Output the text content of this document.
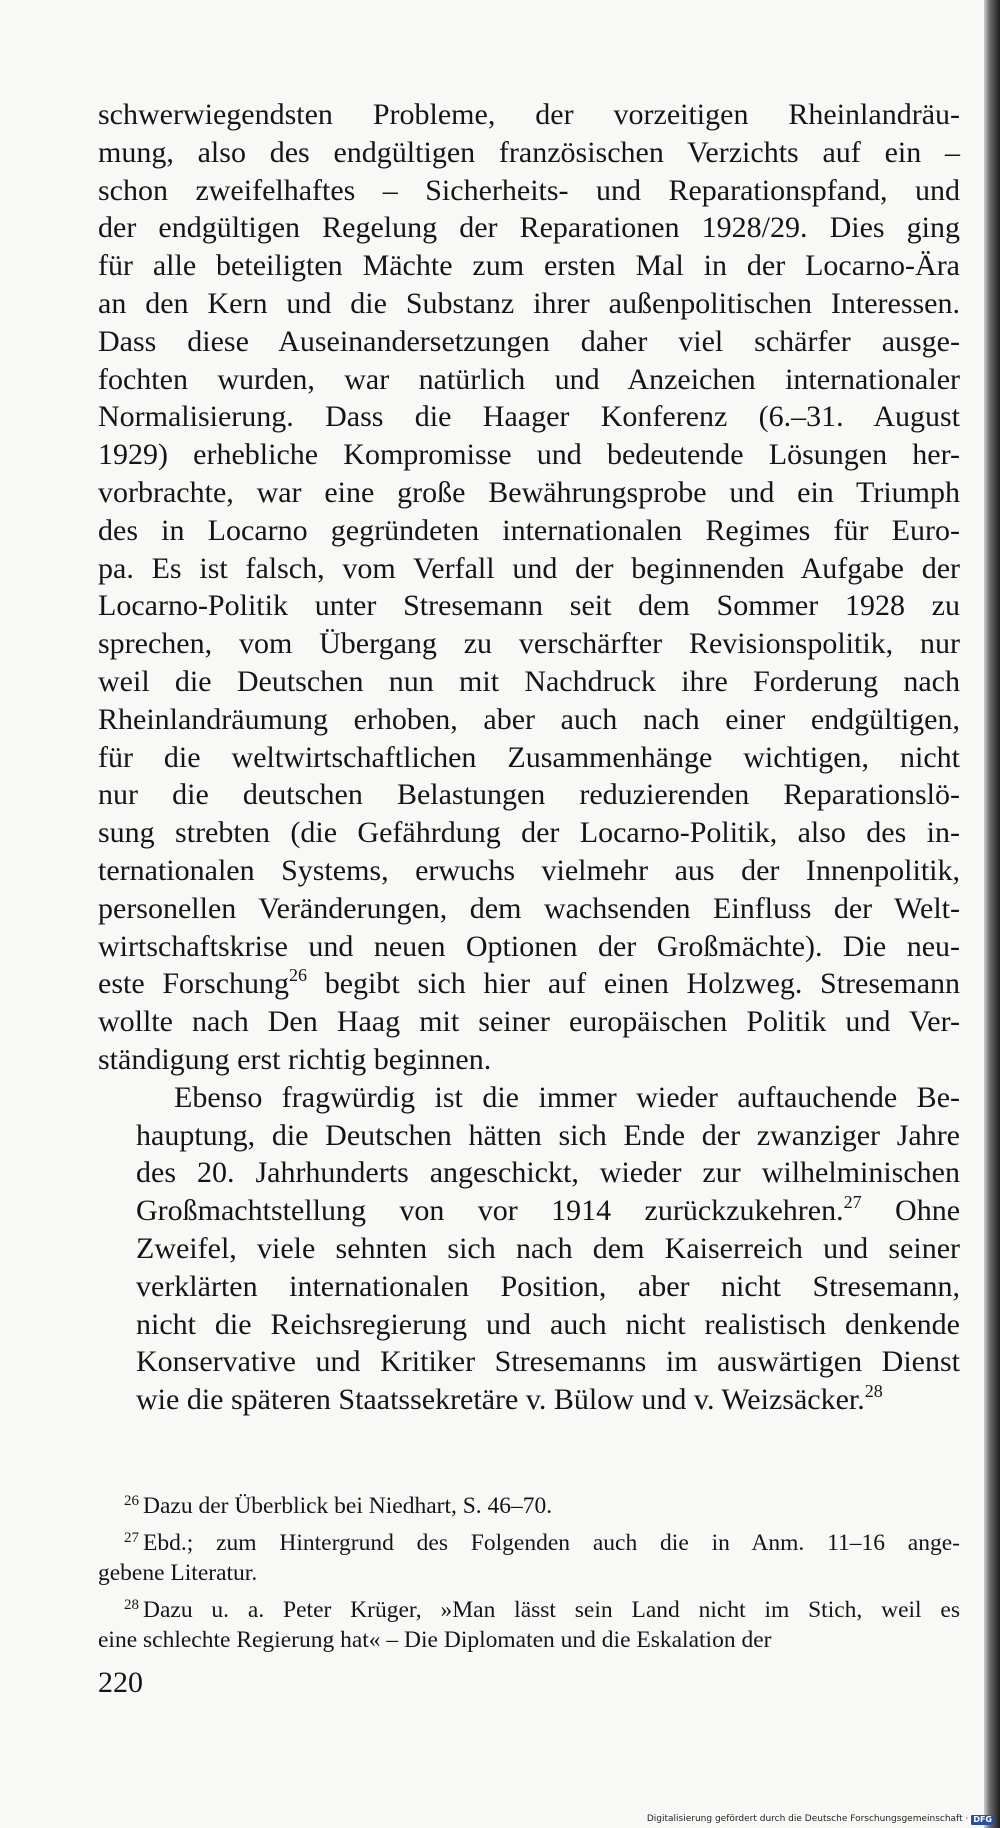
schwerwiegendsten Probleme, der vorzeitigen Rheinlandräu-
mung, also des endgültigen französischen Verzichts auf ein –
schon zweifelhaftes – Sicherheits- und Reparationspfand, und
der endgültigen Regelung der Reparationen 1928/29. Dies ging
für alle beteiligten Mächte zum ersten Mal in der Locarno-Ära
an den Kern und die Substanz ihrer außenpolitischen Interessen.
Dass diese Auseinandersetzungen daher viel schärfer ausge-
fochten wurden, war natürlich und Anzeichen internationaler
Normalisierung. Dass die Haager Konferenz (6.–31. August
1929) erhebliche Kompromisse und bedeutende Lösungen her-
vorbrachte, war eine große Bewährungsprobe und ein Triumph
des in Locarno gegründeten internationalen Regimes für Euro-
pa. Es ist falsch, vom Verfall und der beginnenden Aufgabe der
Locarno-Politik unter Stresemann seit dem Sommer 1928 zu
sprechen, vom Übergang zu verschärfter Revisionspolitik, nur
weil die Deutschen nun mit Nachdruck ihre Forderung nach
Rheinlandräumung erhoben, aber auch nach einer endgültigen,
für die weltwirtschaftlichen Zusammenhänge wichtigen, nicht
nur die deutschen Belastungen reduzierenden Reparationslö-
sung strebten (die Gefährdung der Locarno-Politik, also des in-
ternationalen Systems, erwuchs vielmehr aus der Innenpolitik,
personellen Veränderungen, dem wachsenden Einfluss der Welt-
wirtschaftskrise und neuen Optionen der Großmächte). Die neu-
este Forschung$^{26}$ begibt sich hier auf einen Holzweg. Stresemann
wollte nach Den Haag mit seiner europäischen Politik und Ver-
ständigung erst richtig beginnen.

Ebenso fragwürdig ist die immer wieder auftauchende Be-
hauptung, die Deutschen hätten sich Ende der zwanziger Jahre
des 20. Jahrhunderts angeschickt, wieder zur wilhelminischen
Großmachtstellung von vor 1914 zurückzukehren.$^{27}$ Ohne
Zweifel, viele sehnten sich nach dem Kaiserreich und seiner
verklärten internationalen Position, aber nicht Stresemann,
nicht die Reichsregierung und auch nicht realistisch denkende
Konservative und Kritiker Stresemanns im auswärtigen Dienst
wie die späteren Staatssekretäre v. Bülow und v. Weizsäcker.$^{28}$

$^{26}$ Dazu der Überblick bei Niedhart, S. 46–70.

$^{27}$ Ebd.; zum Hintergrund des Folgenden auch die in Anm. 11–16 ange-
gebene Literatur.

$^{28}$ Dazu u. a. Peter Krüger, »Man lässt sein Land nicht im Stich, weil es
eine schlechte Regierung hat« – Die Diplomaten und die Eskalation der

220
Digitalisierung gefördert durch die Deutsche Forschungsgemeinschaft · DFG
